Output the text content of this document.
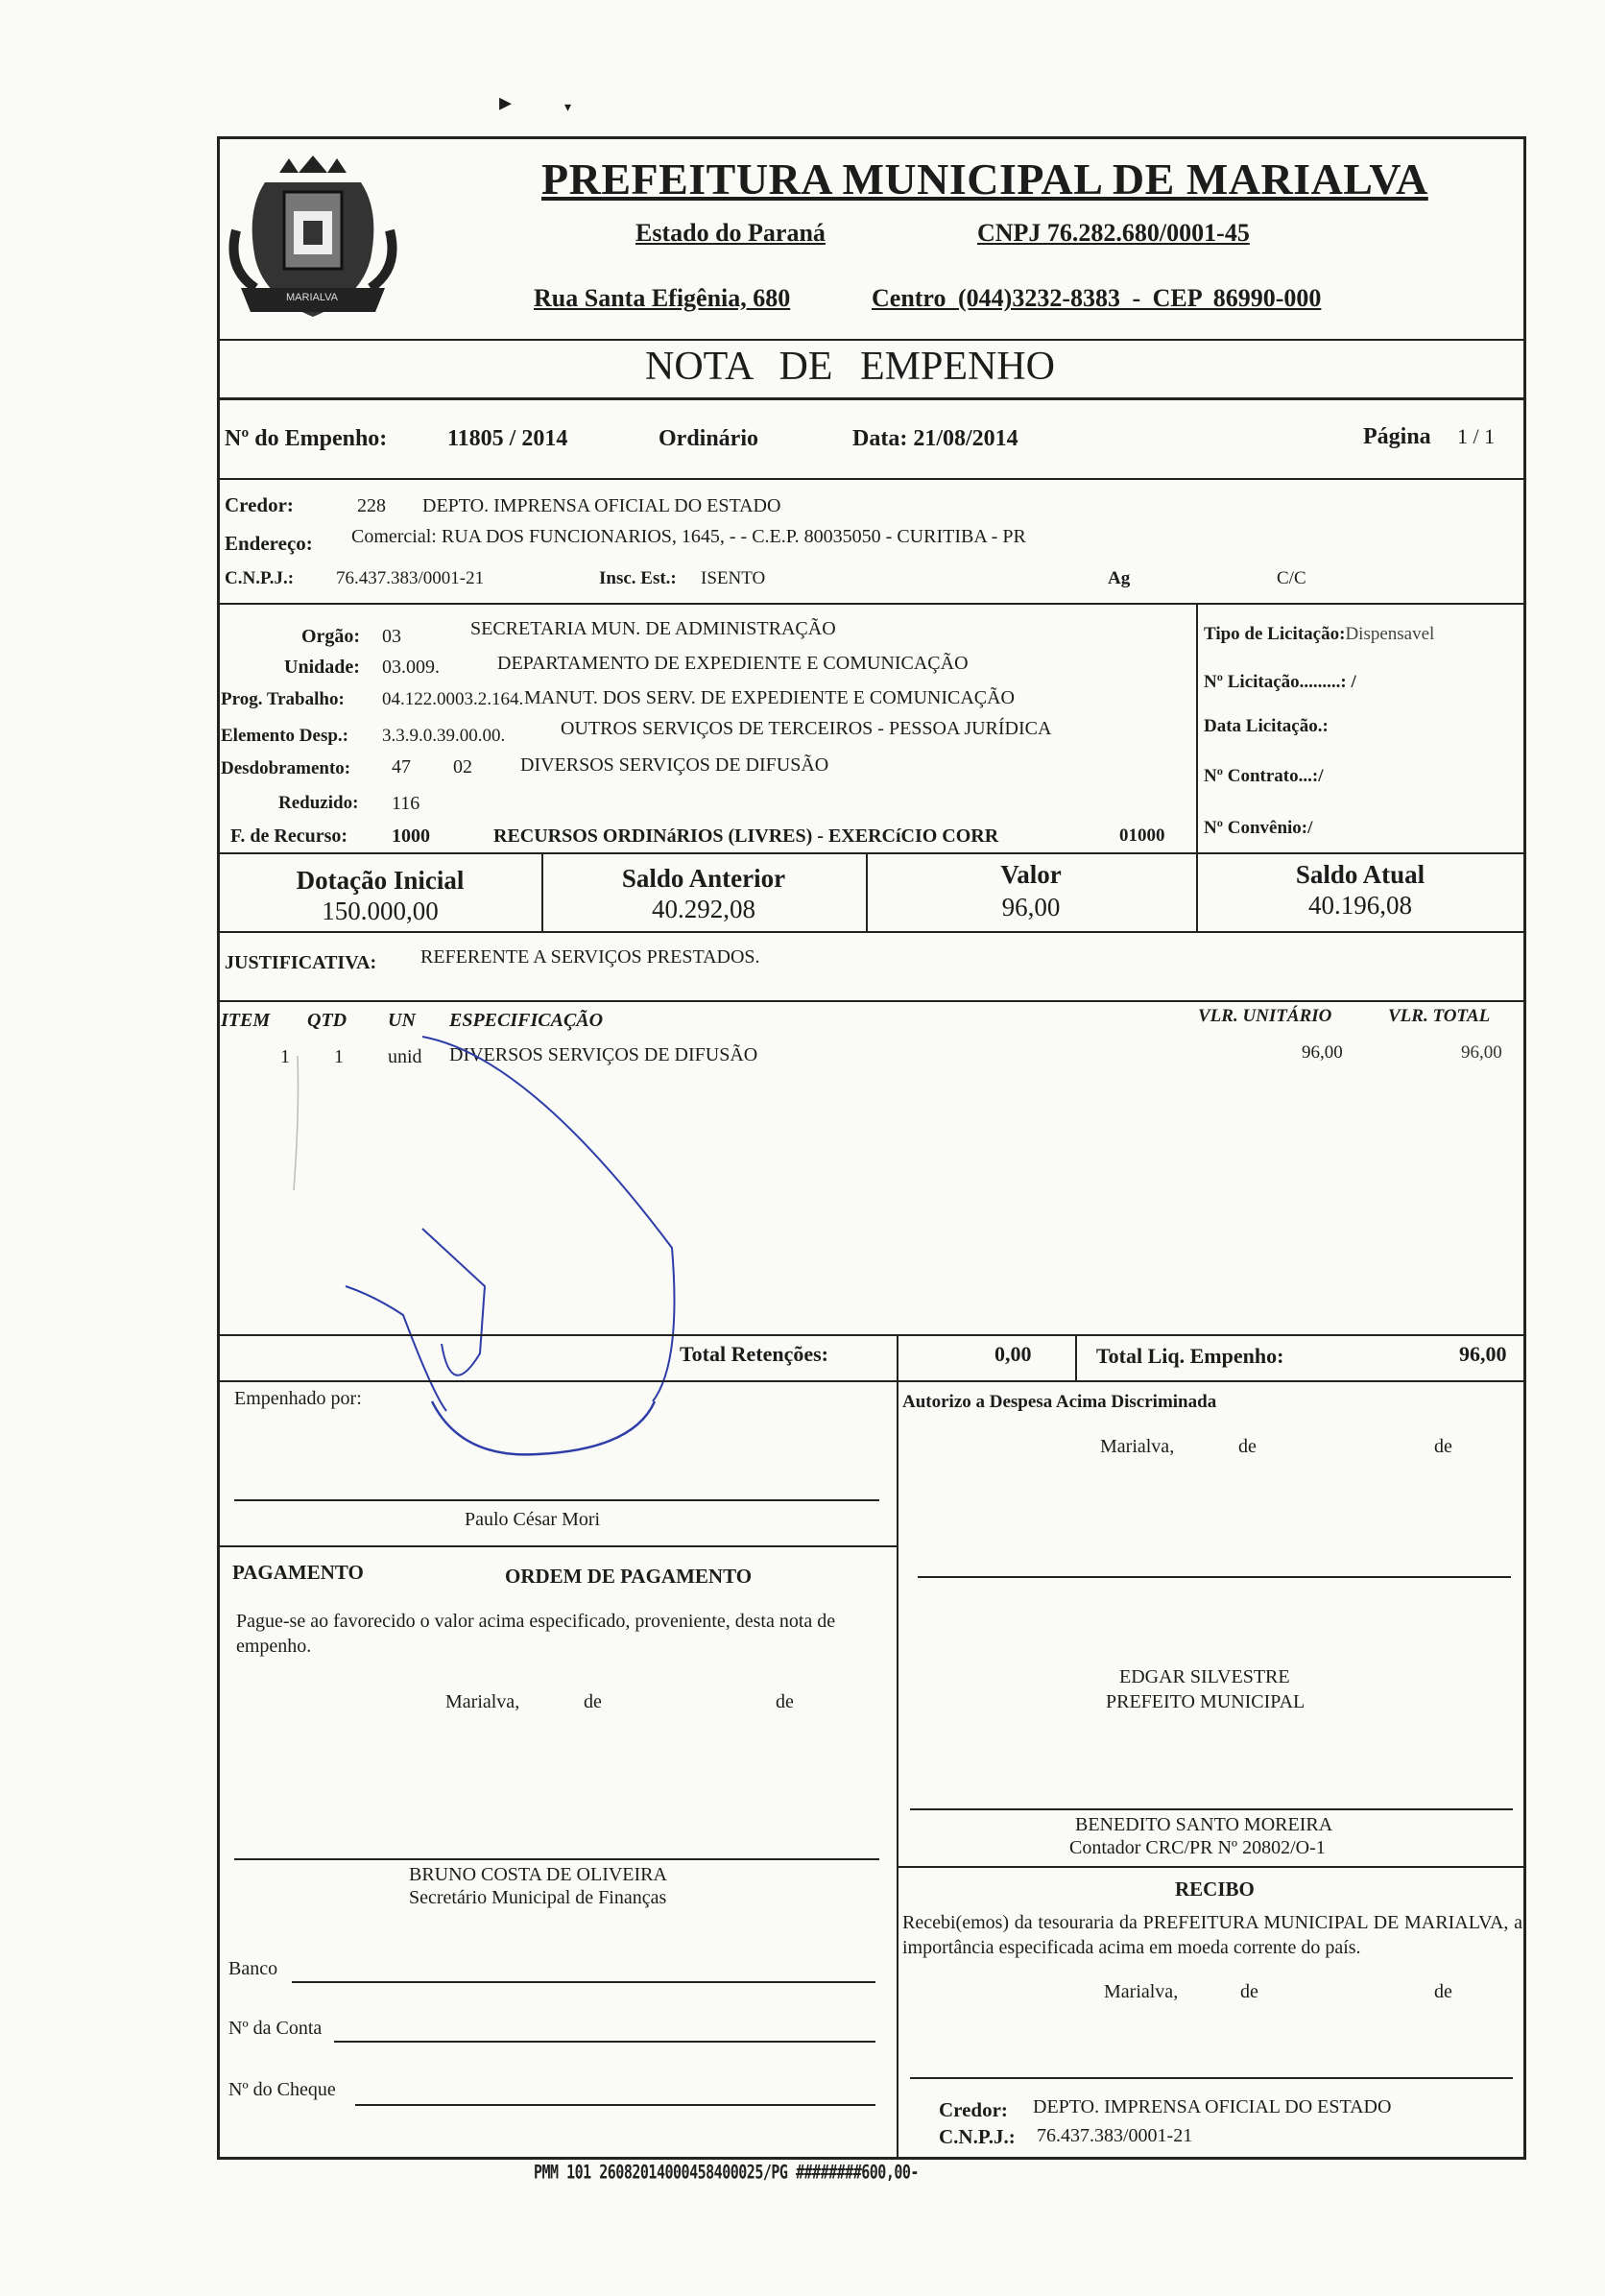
▸	▾
MARIALVA
PREFEITURA MUNICIPAL DE MARIALVA
Estado do Paraná	CNPJ 76.282.680/0001-45
Rua Santa Efigênia, 680	Centro (044)3232-8383 - CEP 86990-000
NOTA DE EMPENHO
Nº do Empenho:	11805 / 2014	Ordinário	Data: 21/08/2014	Página 1 / 1
Credor:	228 DEPTO. IMPRENSA OFICIAL DO ESTADO
Endereço: Comercial: RUA DOS FUNCIONARIOS, 1645, - - C.E.P. 80035050 - CURITIBA - PR
C.N.P.J.: 76.437.383/0001-21	Insc. Est.: ISENTO	Ag	C/C
Orgão: 03	SECRETARIA MUN. DE ADMINISTRAÇÃO
Unidade: 03.009.	DEPARTAMENTO DE EXPEDIENTE E COMUNICAÇÃO
Prog. Trabalho: 04.122.0003.2.164. MANUT. DOS SERV. DE EXPEDIENTE E COMUNICAÇÃO
Elemento Desp.: 3.3.9.0.39.00.00.	OUTROS SERVIÇOS DE TERCEIROS - PESSOA JURÍDICA
Desdobramento: 47 02	DIVERSOS SERVIÇOS DE DIFUSÃO
Reduzido: 116
F. de Recurso: 1000	RECURSOS ORDINáRIOS (LIVRES) - EXERCíCIO CORR	01000
Tipo de Licitação:Dispensavel
Nº Licitação.........: /
Data Licitação.:
Nº Contrato...:/
Nº Convênio:/
Dotação Inicial
150.000,00
Saldo Anterior
40.292,08
Valor
96,00
Saldo Atual
40.196,08
JUSTIFICATIVA: REFERENTE A SERVIÇOS PRESTADOS.
ITEM QTD UN ESPECIFICAÇÃO	VLR. UNITÁRIO	VLR. TOTAL
1 1 unid DIVERSOS SERVIÇOS DE DIFUSÃO	96,00	96,00
Total Retenções:	0,00	Total Liq. Empenho:	96,00
Empenhado por:
Paulo César Mori
PAGAMENTO	ORDEM DE PAGAMENTO
Pague-se ao favorecido o valor acima especificado, proveniente, desta nota de empenho.
Marialva,	de	de
BRUNO COSTA DE OLIVEIRA
Secretário Municipal de Finanças
Banco
Nº da Conta
Nº do Cheque
Autorizo a Despesa Acima Discriminada
Marialva,	de	de
EDGAR SILVESTRE
PREFEITO MUNICIPAL
BENEDITO SANTO MOREIRA
Contador CRC/PR Nº 20802/O-1
RECIBO
Recebi(emos) da tesouraria da PREFEITURA MUNICIPAL DE MARIALVA, a importância especificada acima em moeda corrente do país.
Marialva,	de	de
Credor: DEPTO. IMPRENSA OFICIAL DO ESTADO
C.N.P.J.: 76.437.383/0001-21
PMM 101 26082014000458400025/PG ########600,00-
